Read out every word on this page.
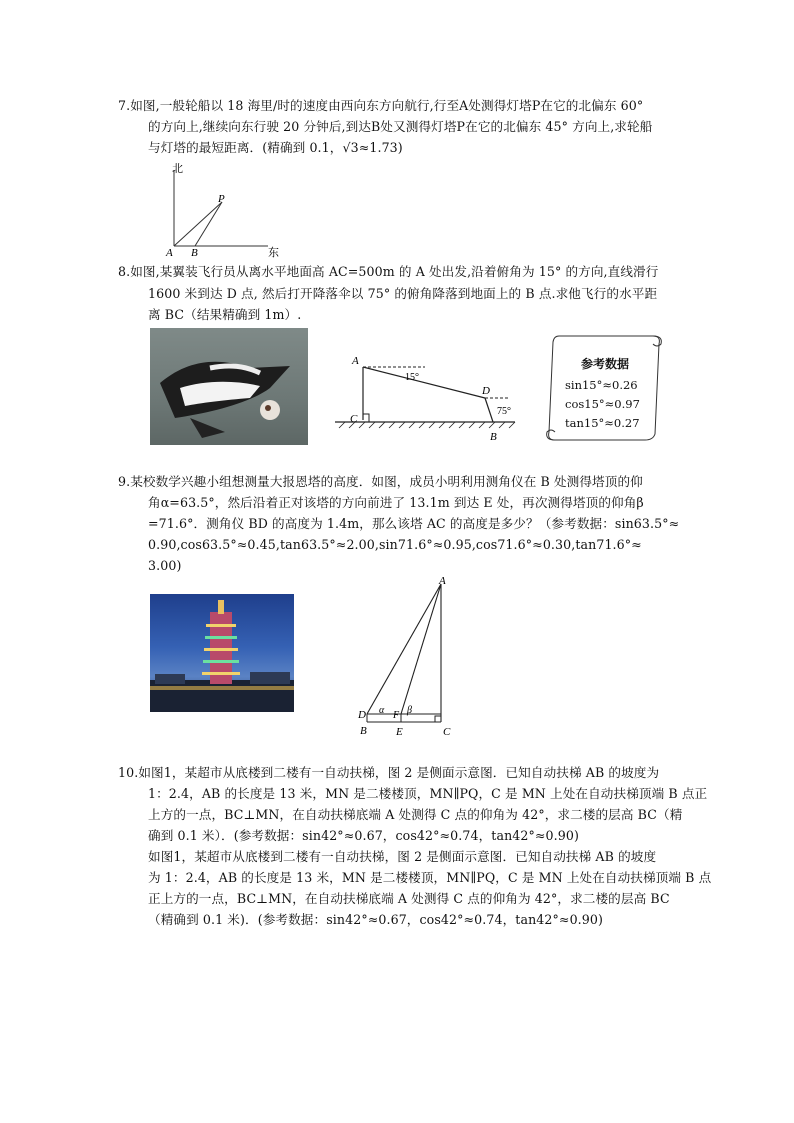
7.如图,一般轮船以 18 海里/时的速度由西向东方向航行,行至A处测得灯塔P在它的北偏东 60°
的方向上,继续向东行驶 20 分钟后,到达B处又测得灯塔P在它的北偏东 45° 方向上,求轮船
与灯塔的最短距离．(精确到 0.1，√3≈1.73)
北
东
A B
P
8.如图,某翼装飞行员从离水平地面高 AC=500m 的 A 处出发,沿着俯角为 15° 的方向,直线滑行
1600 米到达 D 点, 然后打开降落伞以 75° 的俯角降落到地面上的 B 点.求他飞行的水平距
离 BC（结果精确到 1m）.
A
C
D
B
15°
75°
参考数据
sin15°≈0.26
cos15°≈0.97
tan15°≈0.27
9.某校数学兴趣小组想测量大报恩塔的高度．如图，成员小明利用测角仪在 B 处测得塔顶的仰
角α=63.5°，然后沿着正对该塔的方向前进了 13.1m 到达 E 处，再次测得塔顶的仰角β
=71.6°．测角仪 BD 的高度为 1.4m，那么该塔 AC 的高度是多少？（参考数据：sin63.5°≈
0.90,cos63.5°≈0.45,tan63.5°≈2.00,sin71.6°≈0.95,cos71.6°≈0.30,tan71.6°≈
3.00)
A
D	F
B	E	C
α β
10.如图1，某超市从底楼到二楼有一自动扶梯，图 2 是侧面示意图．已知自动扶梯 AB 的坡度为
1：2.4，AB 的长度是 13 米，MN 是二楼楼顶，MN∥PQ，C 是 MN 上处在自动扶梯顶端 B 点正
上方的一点，BC⊥MN，在自动扶梯底端 A 处测得 C 点的仰角为 42°，求二楼的层高 BC（精
确到 0.1 米）．(参考数据：sin42°≈0.67，cos42°≈0.74，tan42°≈0.90)
如图1，某超市从底楼到二楼有一自动扶梯，图 2 是侧面示意图．已知自动扶梯 AB 的坡度
为 1：2.4，AB 的长度是 13 米，MN 是二楼楼顶，MN∥PQ，C 是 MN 上处在自动扶梯顶端 B 点
正上方的一点，BC⊥MN，在自动扶梯底端 A 处测得 C 点的仰角为 42°，求二楼的层高 BC
（精确到 0.1 米)．(参考数据：sin42°≈0.67，cos42°≈0.74，tan42°≈0.90)
